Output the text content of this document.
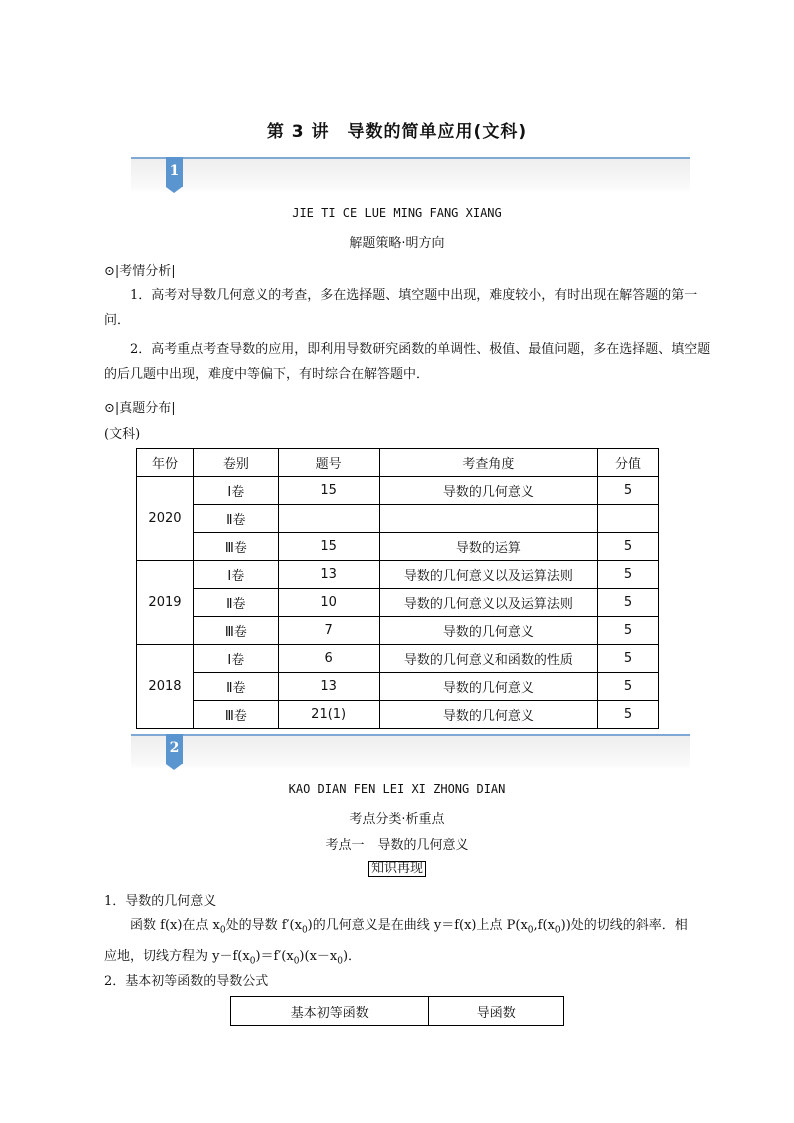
第 3 讲　导数的简单应用(文科)
1
JIE TI CE LUE MING FANG XIANG
解题策略·明方向
⊙|考情分析|
1．高考对导数几何意义的考查，多在选择题、填空题中出现，难度较小，有时出现在解答题的第一问．
2．高考重点考查导数的应用，即利用导数研究函数的单调性、极值、最值问题，多在选择题、填空题的后几题中出现，难度中等偏下，有时综合在解答题中．
⊙|真题分布|
(文科)
年份	卷别	题号	考查角度	分值
2020	Ⅰ卷	15	导数的几何意义	5
	Ⅱ卷			
	Ⅲ卷	15	导数的运算	5
2019	Ⅰ卷	13	导数的几何意义以及运算法则	5
	Ⅱ卷	10	导数的几何意义以及运算法则	5
	Ⅲ卷	7	导数的几何意义	5
2018	Ⅰ卷	6	导数的几何意义和函数的性质	5
	Ⅱ卷	13	导数的几何意义	5
	Ⅲ卷	21(1)	导数的几何意义	5
2
KAO DIAN FEN LEI XI ZHONG DIAN
考点分类·析重点
考点一　导数的几何意义
知识再现
1．导数的几何意义

函数 f(x)在点 $x_0$处的导数 $f'(x_0)$的几何意义是在曲线 y＝f(x)上点 $P(x_0,f(x_0))$处的切线的斜率．相

应地，切线方程为 $y-f(x_0)=f'(x_0)(x-x_0)$．

2．基本初等函数的导数公式
基本初等函数	导函数
